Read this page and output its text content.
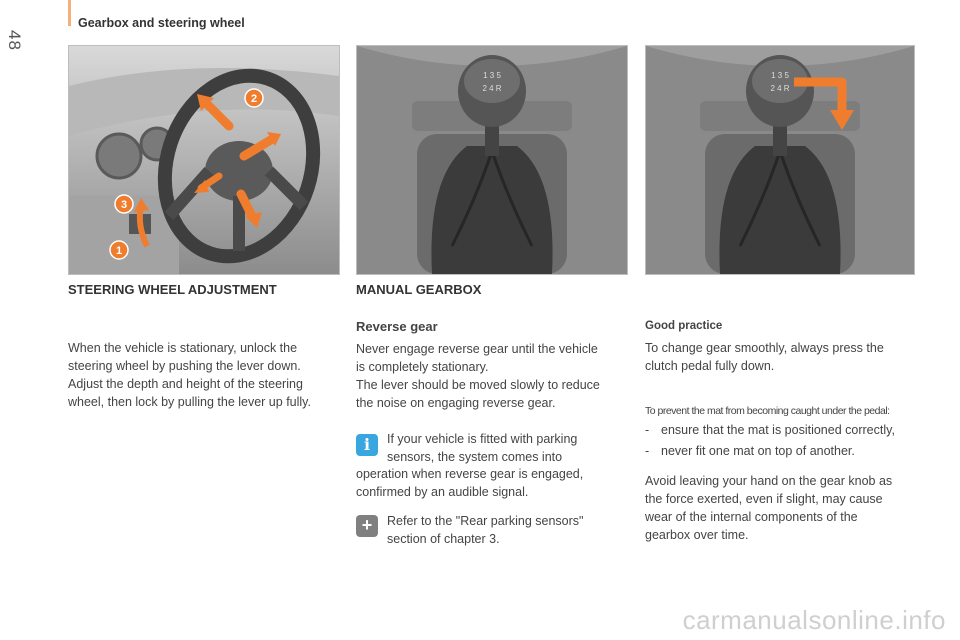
Gearbox and steering wheel
48
2
3
1
1 3 5
2 4 R
1 3 5
2 4 R
STEERING WHEEL ADJUSTMENT
When the vehicle is stationary, unlock the
steering wheel by pushing the lever down.
Adjust the depth and height of the steering
wheel, then lock by pulling the lever up fully.
MANUAL GEARBOX
Reverse gear
Never engage reverse gear until the vehicle
is completely stationary.
The lever should be moved slowly to reduce
the noise on engaging reverse gear.
i	If your vehicle is fitted with parking
sensors, the system comes into
operation when reverse gear is engaged,
confirmed by an audible signal.
+	Refer to the "Rear parking sensors"
section of chapter 3.
Good practice
To change gear smoothly, always press the
clutch pedal fully down.
To prevent the mat from becoming caught under the pedal:
- ensure that the mat is positioned correctly,
- never fit one mat on top of another.
Avoid leaving your hand on the gear knob as
the force exerted, even if slight, may cause
wear of the internal components of the
gearbox over time.
carmanualsonline.info
